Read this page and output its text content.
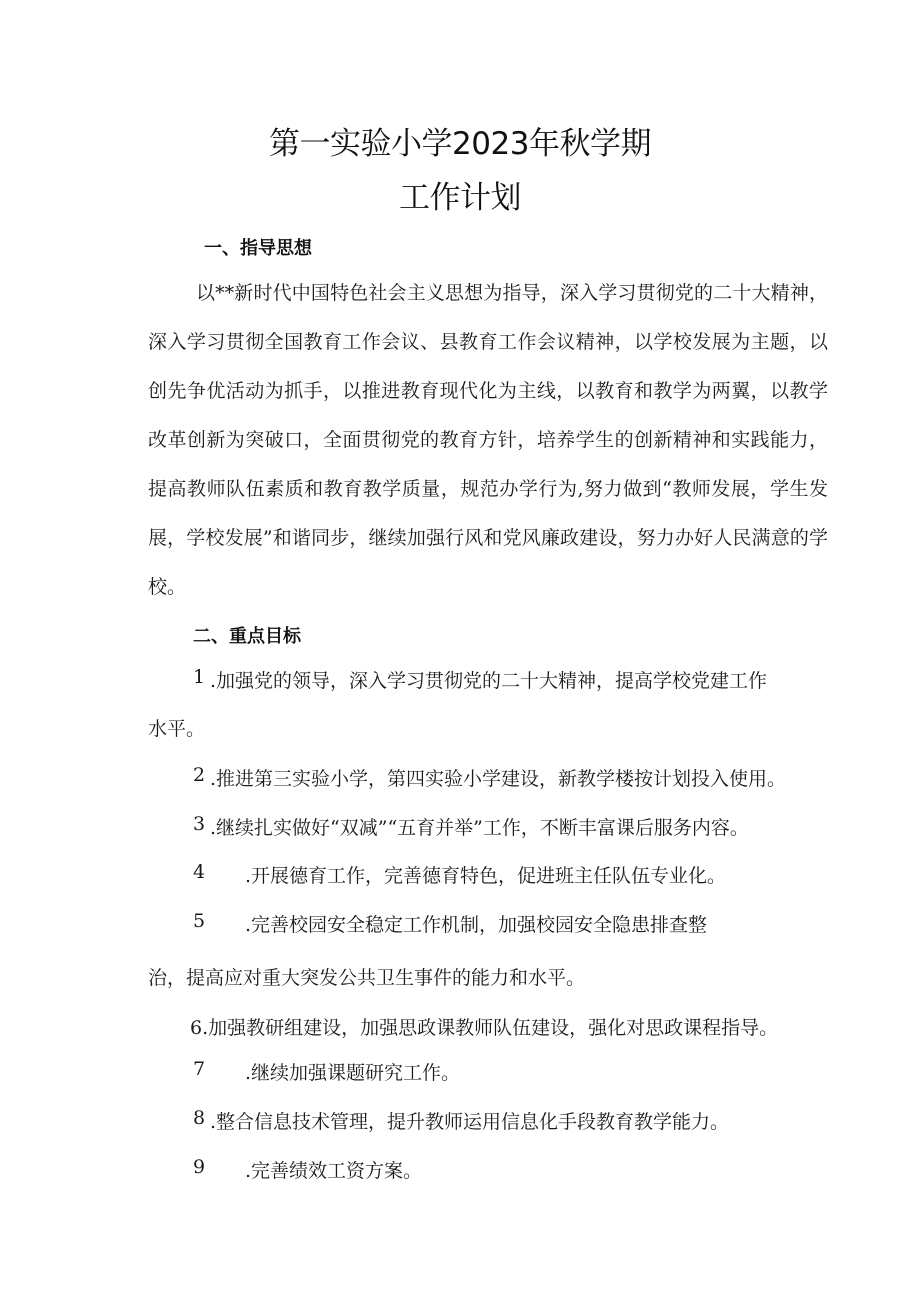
第一实验小学2023年秋学期
工作计划
一、指导思想
以**新时代中国特色社会主义思想为指导，深入学习贯彻党的二十大精神，深入学习贯彻全国教育工作会议、县教育工作会议精神，以学校发展为主题，以创先争优活动为抓手，以推进教育现代化为主线，以教育和教学为两翼，以教学改革创新为突破口，全面贯彻党的教育方针，培养学生的创新精神和实践能力，提高教师队伍素质和教育教学质量，规范办学行为,努力做到“教师发展，学生发展，学校发展”和谐同步，继续加强行风和党风廉政建设，努力办好人民满意的学校。
二、重点目标
1 .加强党的领导，深入学习贯彻党的二十大精神，提高学校党建工作
水平。
2 .推进第三实验小学，第四实验小学建设，新教学楼按计划投入使用。
3 .继续扎实做好“双减”“五育并举”工作，不断丰富课后服务内容。
4 .开展德育工作，完善德育特色，促进班主任队伍专业化。
5 .完善校园安全稳定工作机制，加强校园安全隐患排查整
治，提高应对重大突发公共卫生事件的能力和水平。
6.加强教研组建设，加强思政课教师队伍建设，强化对思政课程指导。
7 .继续加强课题研究工作。
8 .整合信息技术管理，提升教师运用信息化手段教育教学能力。
9 .完善绩效工资方案。
